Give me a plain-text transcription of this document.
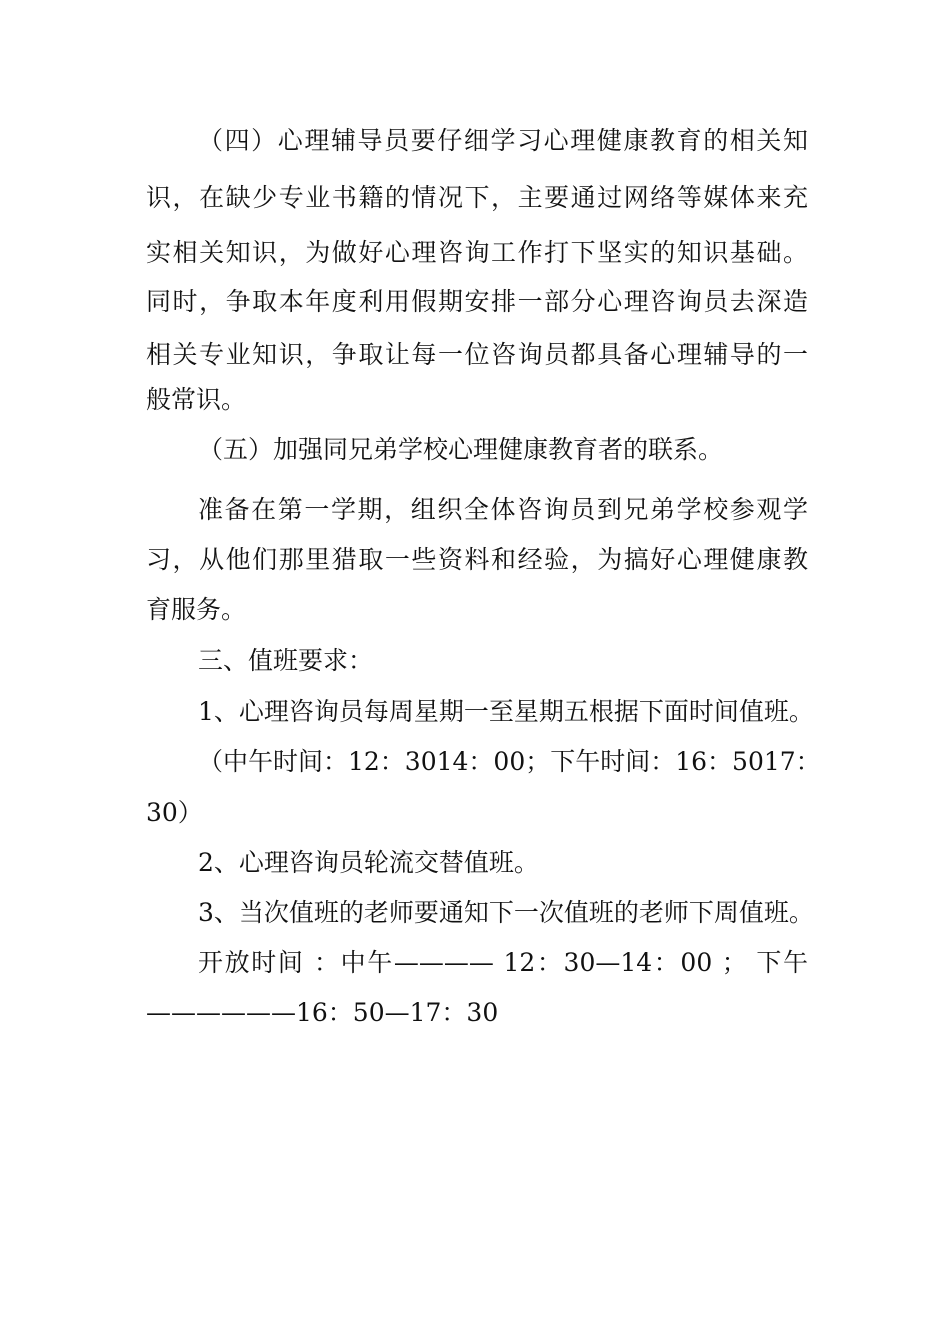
（四）心理辅导员要仔细学习心理健康教育的相关知
识，在缺少专业书籍的情况下，主要通过网络等媒体来充
实相关知识，为做好心理咨询工作打下坚实的知识基础。
同时，争取本年度利用假期安排一部分心理咨询员去深造
相关专业知识，争取让每一位咨询员都具备心理辅导的一
般常识。
（五）加强同兄弟学校心理健康教育者的联系。
准备在第一学期，组织全体咨询员到兄弟学校参观学
习，从他们那里猎取一些资料和经验，为搞好心理健康教
育服务。
三、值班要求：
1、心理咨询员每周星期一至星期五根据下面时间值班。
（中午时间：12：3014：00；下午时间：16：5017：
30）
2、心理咨询员轮流交替值班。
3、当次值班的老师要通知下一次值班的老师下周值班。
开放时间 ：中午———— 12：30—14：00 ； 下午
——————16：50—17：30
